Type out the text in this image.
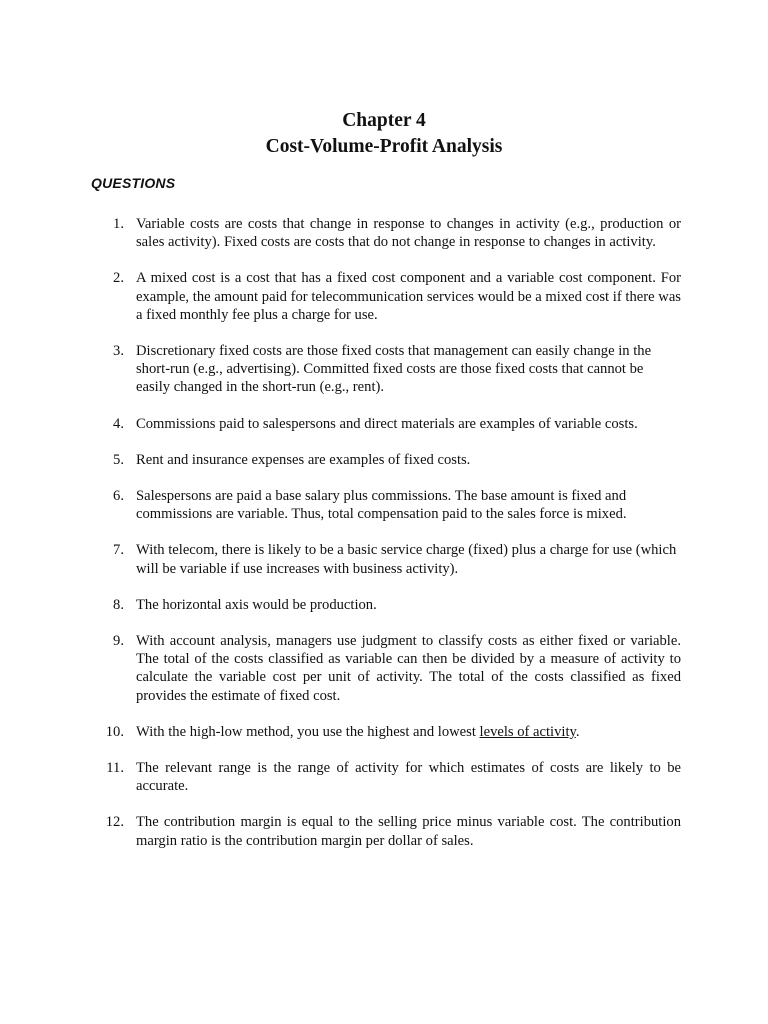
Chapter 4
Cost-Volume-Profit Analysis
QUESTIONS
1. Variable costs are costs that change in response to changes in activity (e.g., production or sales activity). Fixed costs are costs that do not change in response to changes in activity.
2. A mixed cost is a cost that has a fixed cost component and a variable cost component. For example, the amount paid for telecommunication services would be a mixed cost if there was a fixed monthly fee plus a charge for use.
3. Discretionary fixed costs are those fixed costs that management can easily change in the short-run (e.g., advertising). Committed fixed costs are those fixed costs that cannot be easily changed in the short-run (e.g., rent).
4. Commissions paid to salespersons and direct materials are examples of variable costs.
5. Rent and insurance expenses are examples of fixed costs.
6. Salespersons are paid a base salary plus commissions. The base amount is fixed and commissions are variable. Thus, total compensation paid to the sales force is mixed.
7. With telecom, there is likely to be a basic service charge (fixed) plus a charge for use (which will be variable if use increases with business activity).
8. The horizontal axis would be production.
9. With account analysis, managers use judgment to classify costs as either fixed or variable. The total of the costs classified as variable can then be divided by a measure of activity to calculate the variable cost per unit of activity. The total of the costs classified as fixed provides the estimate of fixed cost.
10. With the high-low method, you use the highest and lowest levels of activity.
11. The relevant range is the range of activity for which estimates of costs are likely to be accurate.
12. The contribution margin is equal to the selling price minus variable cost. The contribution margin ratio is the contribution margin per dollar of sales.
